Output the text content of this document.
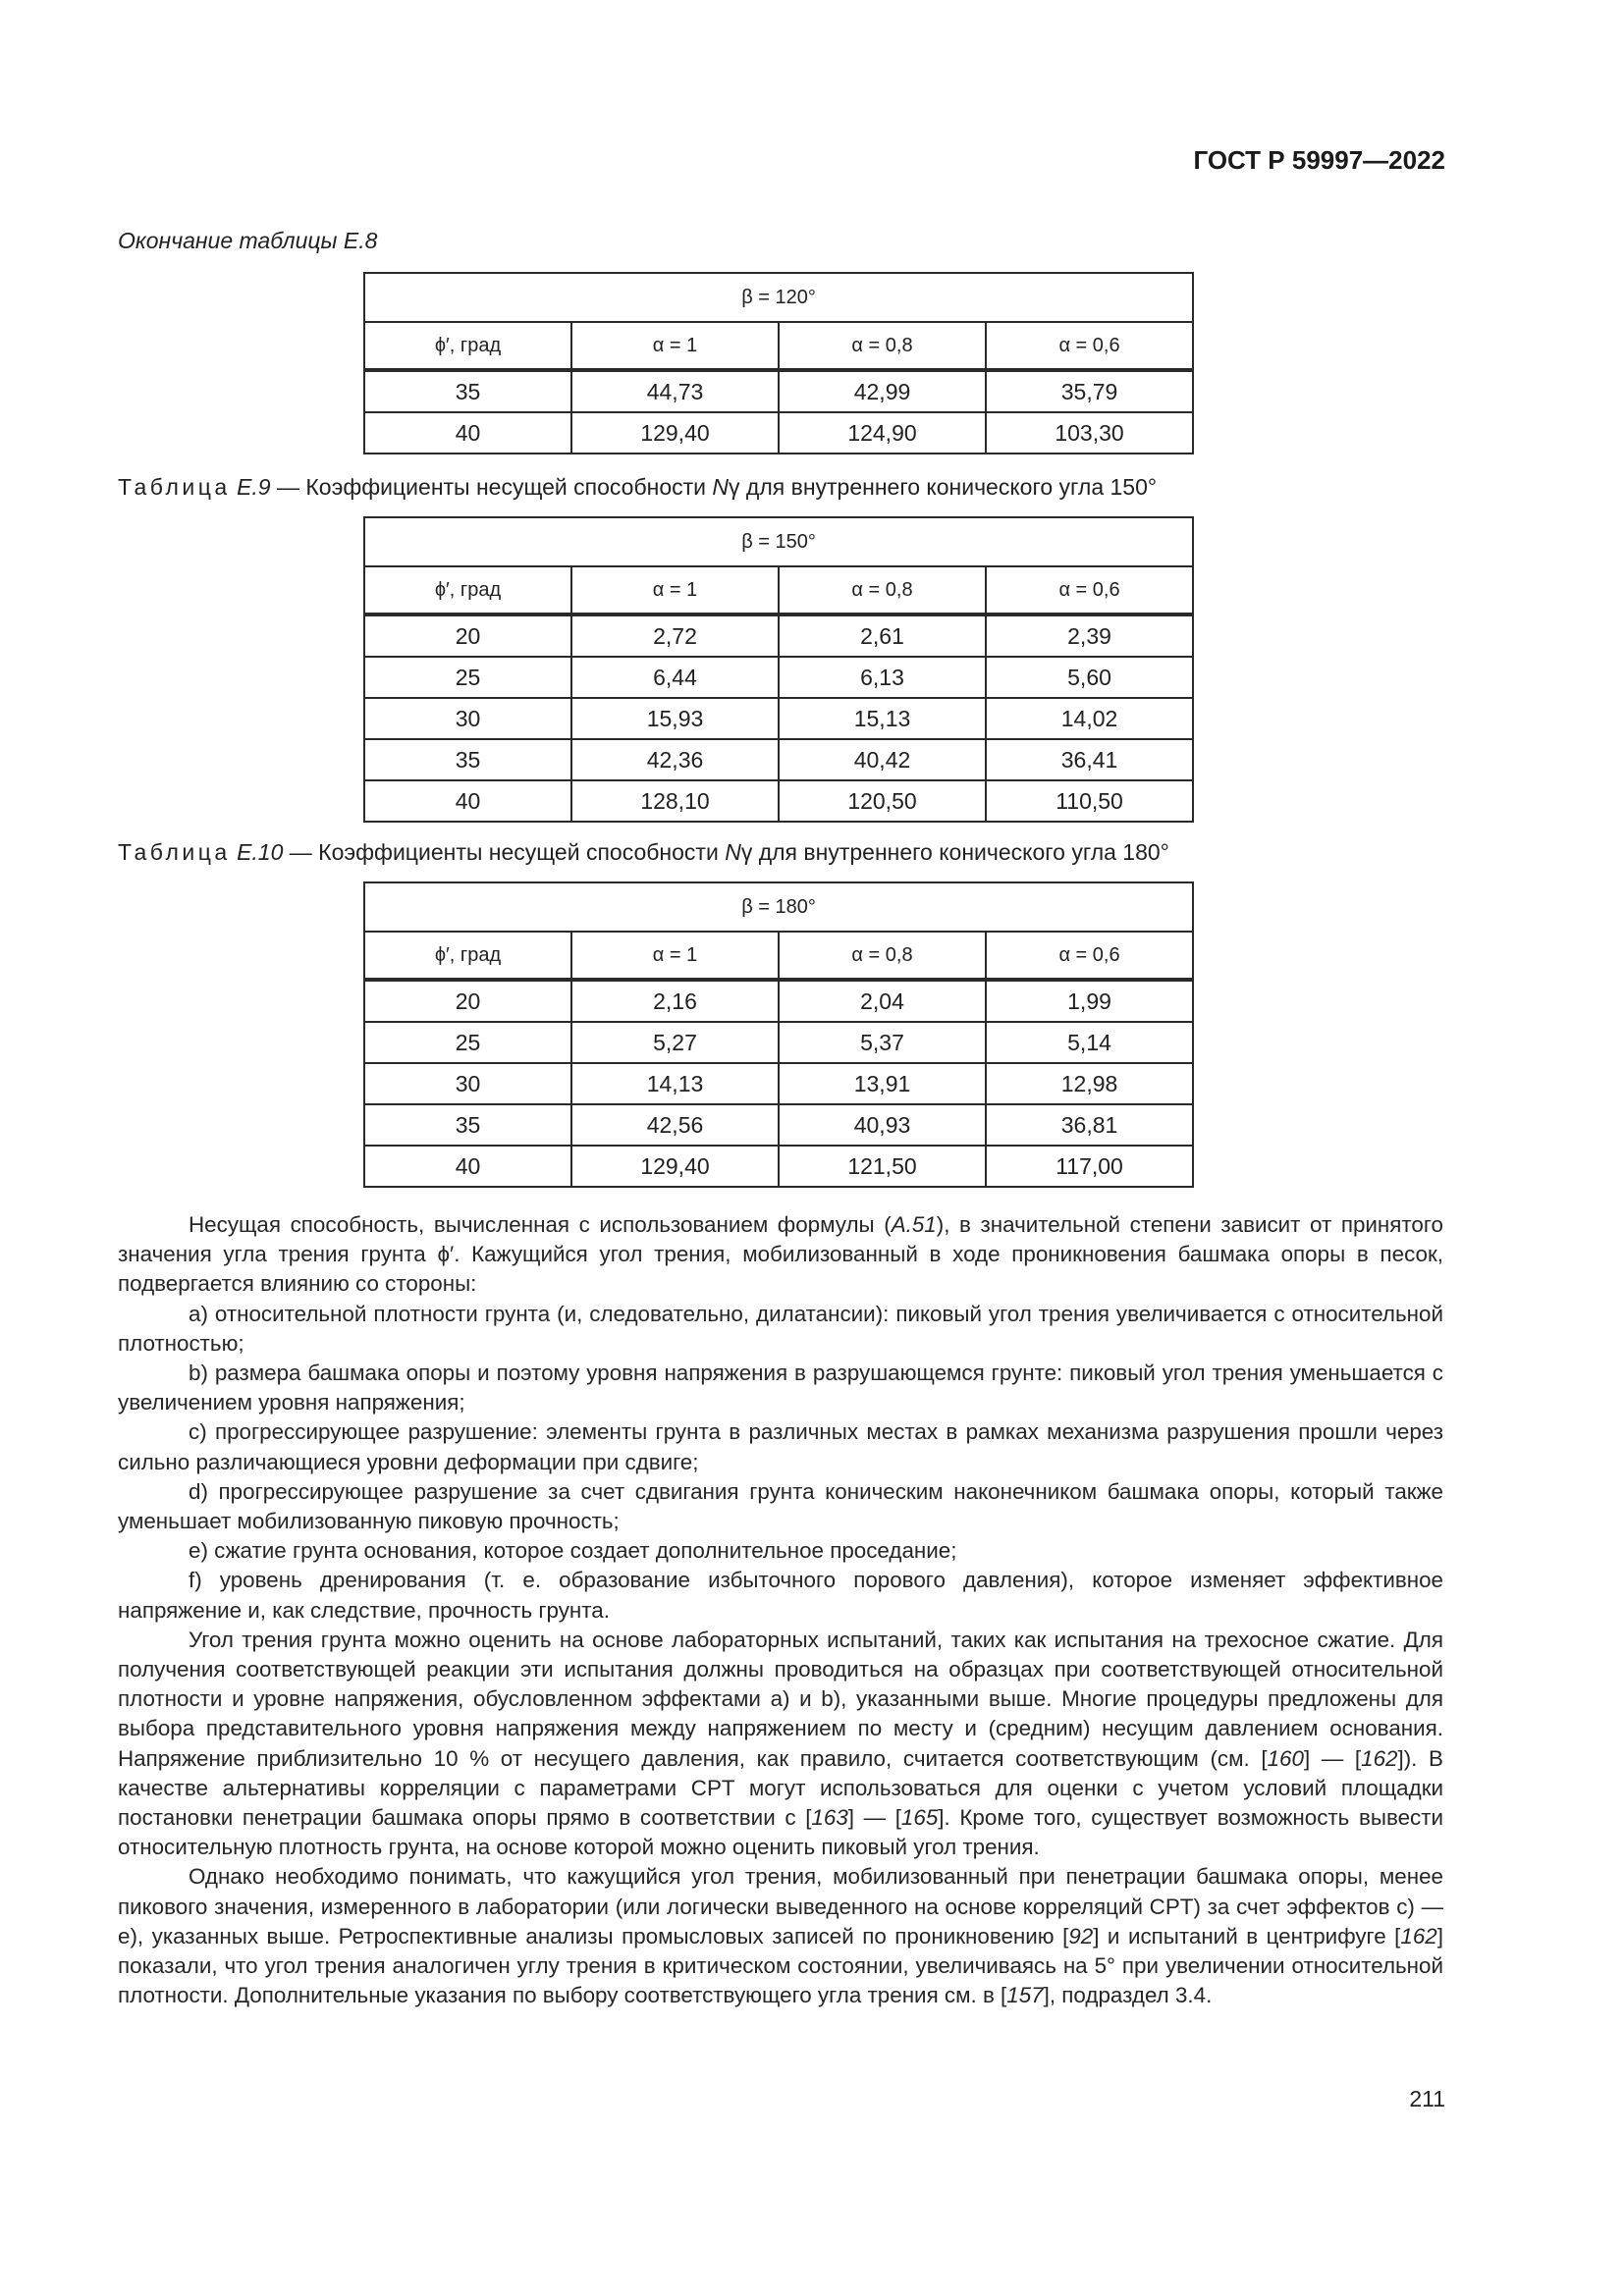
ГОСТ Р 59997—2022
Окончание таблицы Е.8
β = 120°			
ϕ′, град	α = 1	α = 0,8	α = 0,6
35	44,73	42,99	35,79
40	129,40	124,90	103,30
Таблица Е.9 — Коэффициенты несущей способности Nγ для внутреннего конического угла 150°
β = 150°			
ϕ′, град	α = 1	α = 0,8	α = 0,6
20	2,72	2,61	2,39
25	6,44	6,13	5,60
30	15,93	15,13	14,02
35	42,36	40,42	36,41
40	128,10	120,50	110,50
Таблица Е.10 — Коэффициенты несущей способности Nγ для внутреннего конического угла 180°
β = 180°			
ϕ′, град	α = 1	α = 0,8	α = 0,6
20	2,16	2,04	1,99
25	5,27	5,37	5,14
30	14,13	13,91	12,98
35	42,56	40,93	36,81
40	129,40	121,50	117,00

Несущая способность, вычисленная с использованием формулы (А.51), в значительной степени зависит от принятого значения угла трения грунта ϕ′. Кажущийся угол трения, мобилизованный в ходе проникновения башмака опоры в песок, подвергается влиянию со стороны:

a) относительной плотности грунта (и, следовательно, дилатансии): пиковый угол трения увеличивается с относительной плотностью;

b) размера башмака опоры и поэтому уровня напряжения в разрушающемся грунте: пиковый угол трения уменьшается с увеличением уровня напряжения;

c) прогрессирующее разрушение: элементы грунта в различных местах в рамках механизма разрушения прошли через сильно различающиеся уровни деформации при сдвиге;

d) прогрессирующее разрушение за счет сдвигания грунта коническим наконечником башмака опоры, который также уменьшает мобилизованную пиковую прочность;

e) сжатие грунта основания, которое создает дополнительное проседание;

f) уровень дренирования (т. е. образование избыточного порового давления), которое изменяет эффективное напряжение и, как следствие, прочность грунта.

Угол трения грунта можно оценить на основе лабораторных испытаний, таких как испытания на трехосное сжатие. Для получения соответствующей реакции эти испытания должны проводиться на образцах при соответствующей относительной плотности и уровне напряжения, обусловленном эффектами a) и b), указанными выше. Многие процедуры предложены для выбора представительного уровня напряжения между напряжением по месту и (средним) несущим давлением основания. Напряжение приблизительно 10 % от несущего давления, как правило, считается соответствующим (см. [160] — [162]). В качестве альтернативы корреляции с параметрами CPT могут использоваться для оценки с учетом условий площадки постановки пенетрации башмака опоры прямо в соответствии с [163] — [165]. Кроме того, существует возможность вывести относительную плотность грунта, на основе которой можно оценить пиковый угол трения.

Однако необходимо понимать, что кажущийся угол трения, мобилизованный при пенетрации башмака опоры, менее пикового значения, измеренного в лаборатории (или логически выведенного на основе корреляций CPT) за счет эффектов c) — e), указанных выше. Ретроспективные анализы промысловых записей по проникновению [92] и испытаний в центрифуге [162] показали, что угол трения аналогичен углу трения в критическом состоянии, увеличиваясь на 5° при увеличении относительной плотности. Дополнительные указания по выбору соответствующего угла трения см. в [157], подраздел 3.4.

211
